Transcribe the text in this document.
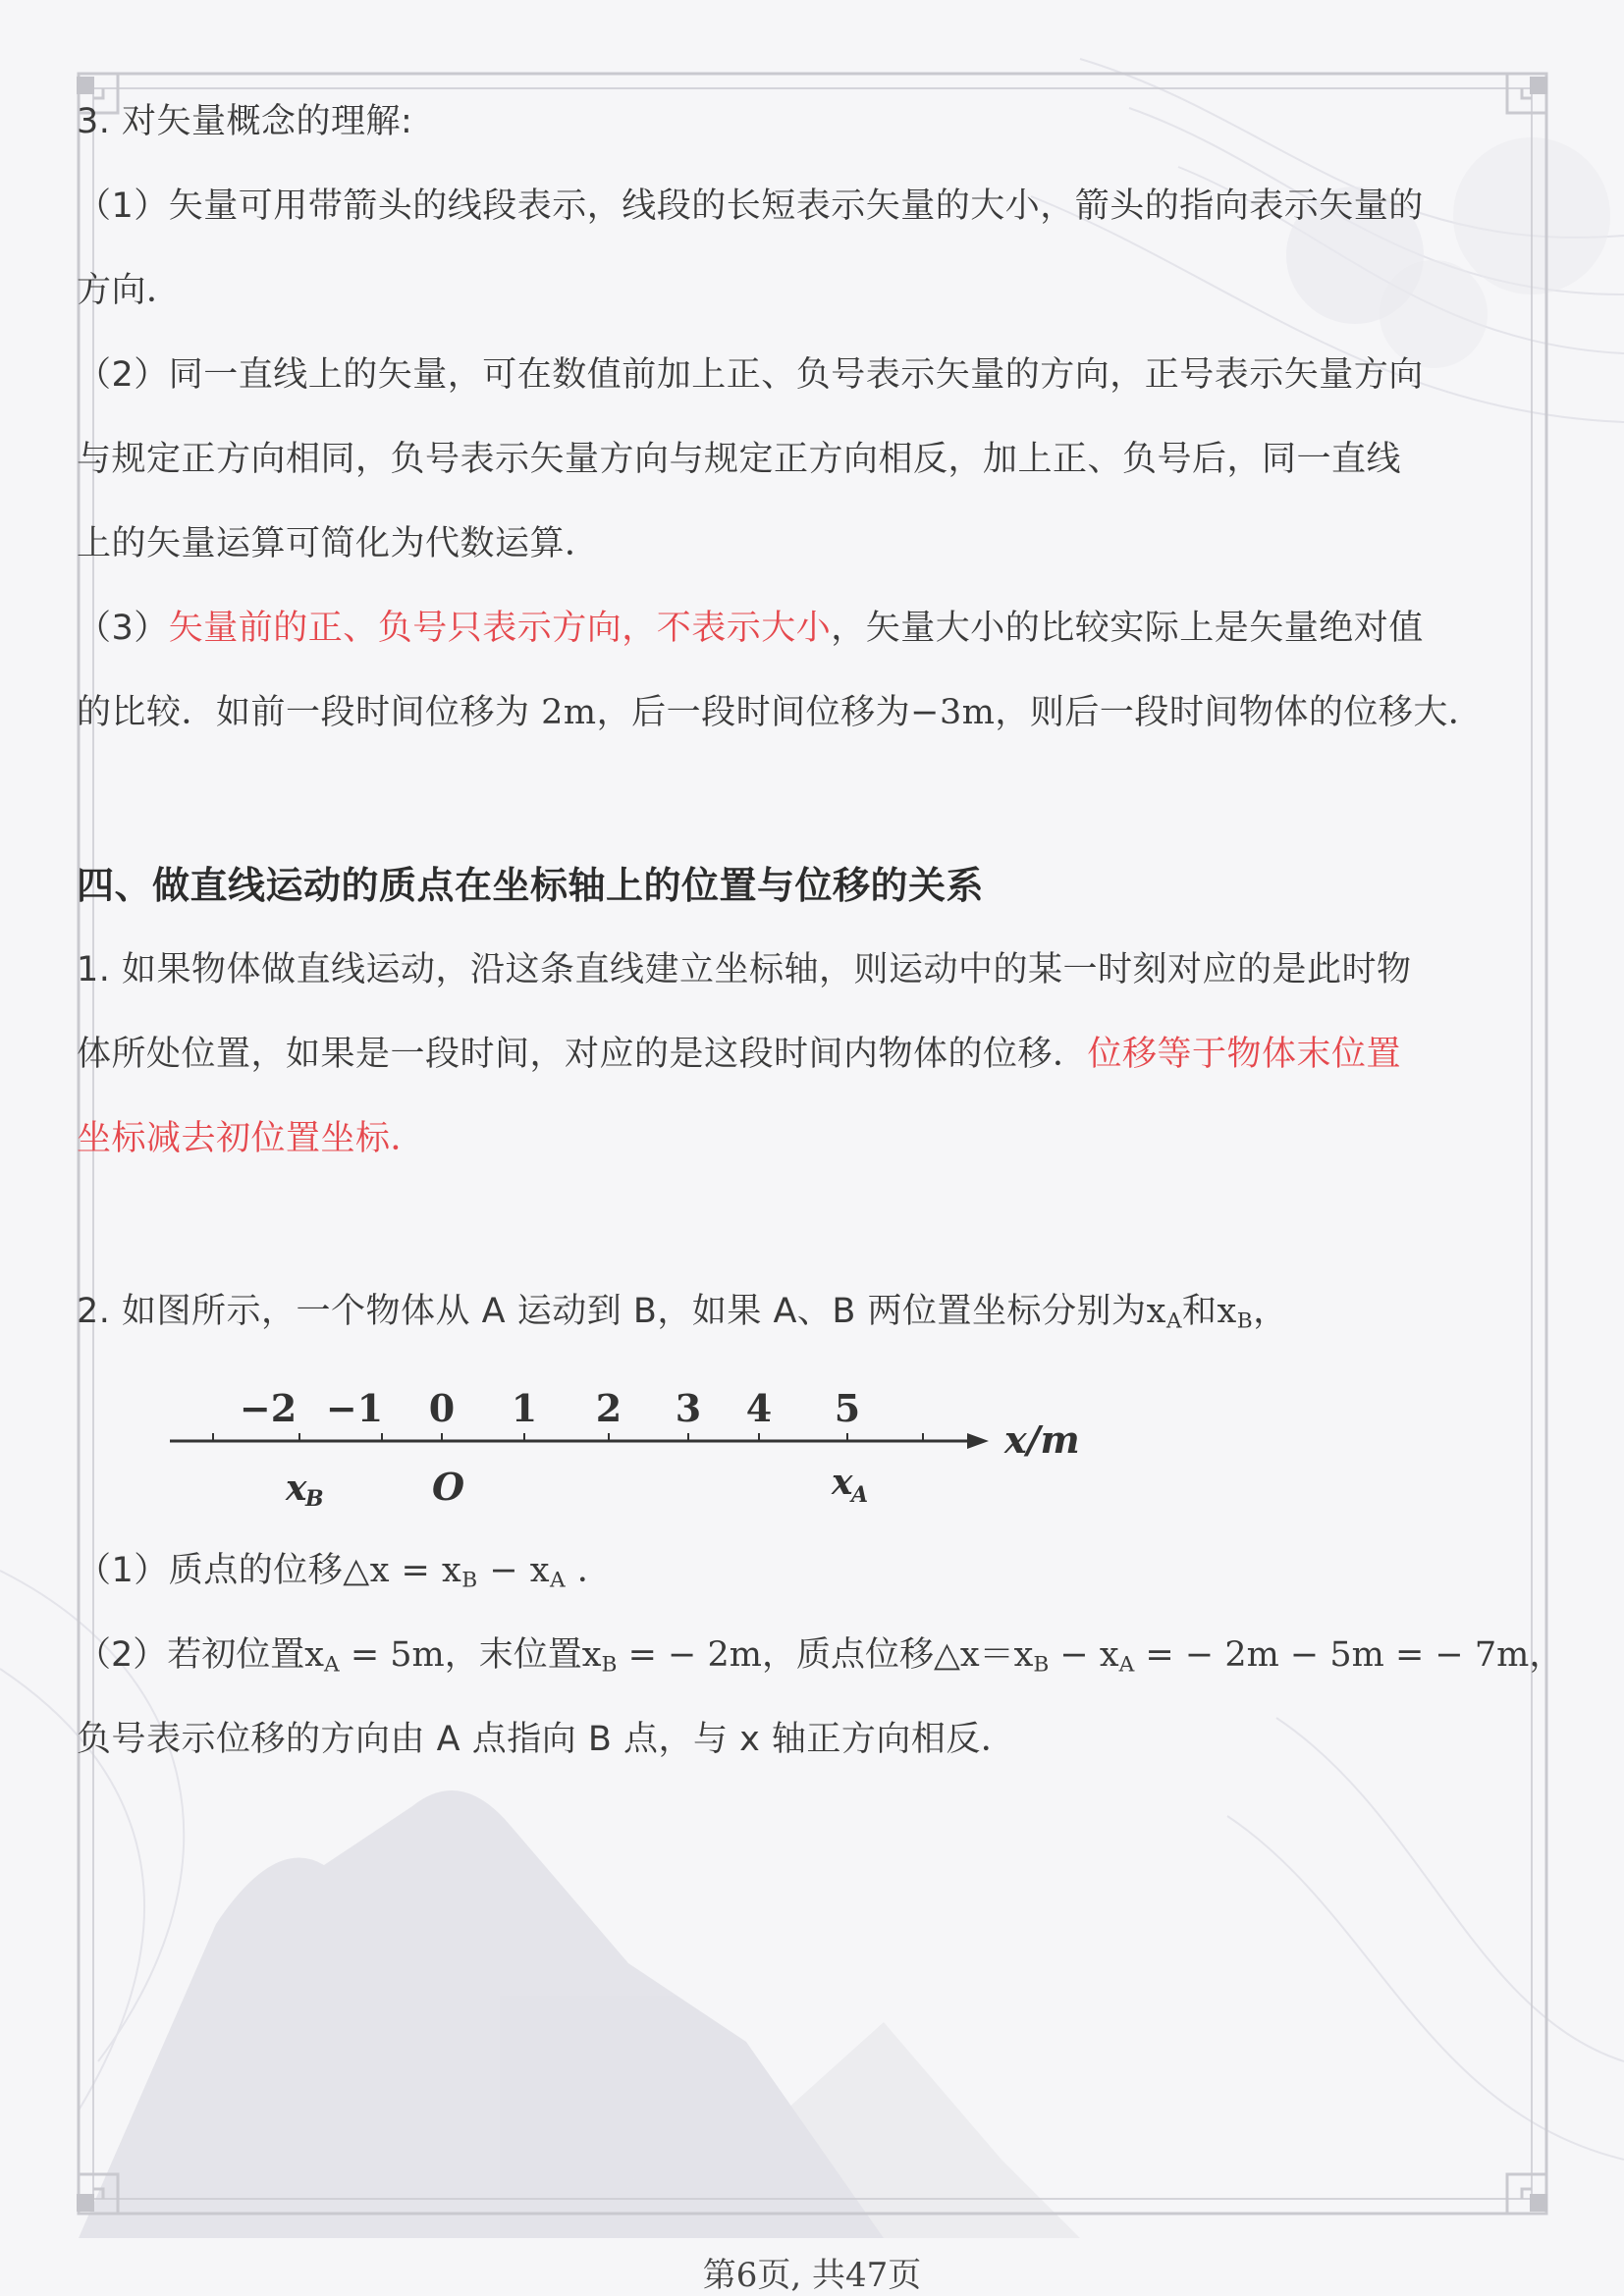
3. 对矢量概念的理解:
（1）矢量可用带箭头的线段表示，线段的长短表示矢量的大小，箭头的指向表示矢量的
方向．
（2）同一直线上的矢量，可在数值前加上正、负号表示矢量的方向，正号表示矢量方向
与规定正方向相同，负号表示矢量方向与规定正方向相反，加上正、负号后，同一直线
上的矢量运算可简化为代数运算．
（3）矢量前的正、负号只表示方向，不表示大小，矢量大小的比较实际上是矢量绝对值
的比较．如前一段时间位移为 2m，后一段时间位移为−3m，则后一段时间物体的位移大．
四、做直线运动的质点在坐标轴上的位置与位移的关系
1. 如果物体做直线运动，沿这条直线建立坐标轴，则运动中的某一时刻对应的是此时物
体所处位置，如果是一段时间，对应的是这段时间内物体的位移．位移等于物体末位置
坐标减去初位置坐标．
2. 如图所示，一个物体从 A 运动到 B，如果 A、B 两位置坐标分别为$x_A$和$x_B$，
（1）质点的位移△x = $x_B - x_A$ ．
（2）若初位置$x_A = 5m$，末位置$x_B$ = − 2m，质点位移$\triangle x=x_B - x_A$ = − 2m − 5m = − 7m，
负号表示位移的方向由 A 点指向 B 点，与 x 轴正方向相反．
−2 −1 0 1 2 3 4 5
x/m
x
B	O	x
A
第6页, 共47页
